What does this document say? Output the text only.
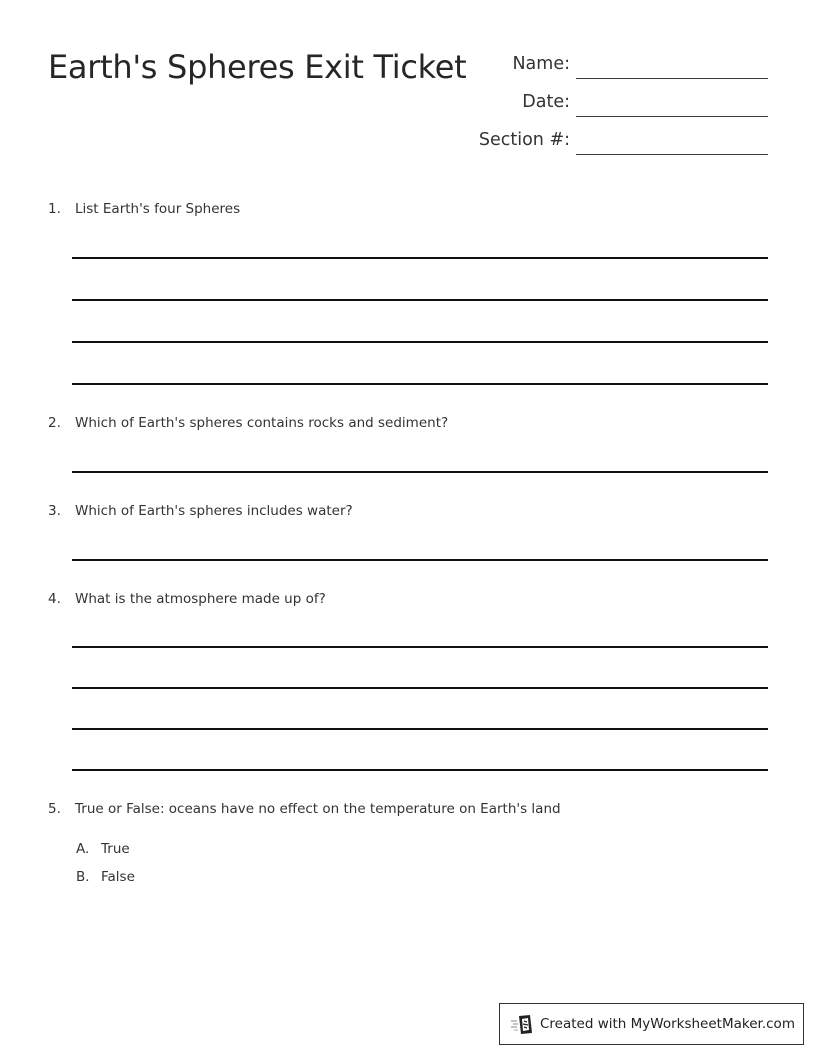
Earth's Spheres Exit Ticket	Name:
Date:
Section #:
1. List Earth's four Spheres
2. Which of Earth's spheres contains rocks and sediment?
3. Which of Earth's spheres includes water?
4. What is the atmosphere made up of?
5. True or False: oceans have no effect on the temperature on Earth's land
A. True
B. False
Created with MyWorksheetMaker.com
